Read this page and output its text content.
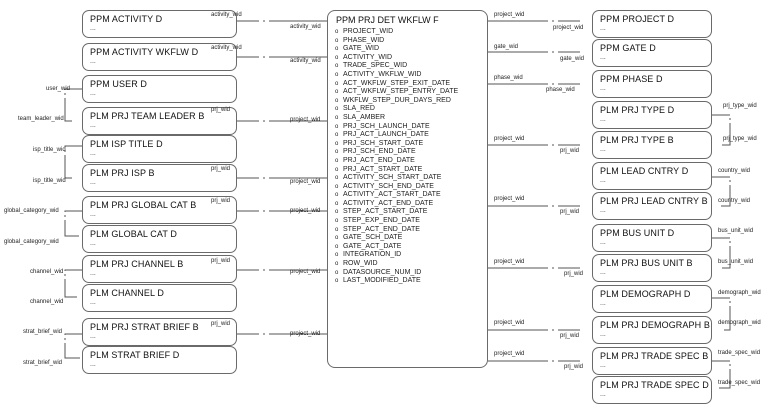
PPM PRJ DET WKFLW F
o PROJECT_WID
o PHASE_WID
o GATE_WID
o ACTIVITY_WID
o TRADE_SPEC_WID
o ACTIVITY_WKFLW_WID
o ACT_WKFLW_STEP_EXIT_DATE
o ACT_WKFLW_STEP_ENTRY_DATE
o WKFLW_STEP_DUR_DAYS_RED
o SLA_RED
o SLA_AMBER
o PRJ_SCH_LAUNCH_DATE
o PRJ_ACT_LAUNCH_DATE
o PRJ_SCH_START_DATE
o PRJ_SCH_END_DATE
o PRJ_ACT_END_DATE
o PRJ_ACT_START_DATE
o ACTIVITY_SCH_START_DATE
o ACTIVITY_SCH_END_DATE
o ACTIVITY_ACT_START_DATE
o ACTIVITY_ACT_END_DATE
o STEP_ACT_START_DATE
o STEP_EXP_END_DATE
o STEP_ACT_END_DATE
o GATE_SCH_DATE
o GATE_ACT_DATE
o INTEGRATION_ID
o ROW_WID
o DATASOURCE_NUM_ID
o LAST_MODIFIED_DATE
PPM ACTIVITY D
...
PPM ACTIVITY WKFLW D
...
PPM USER D
...
PLM PRJ TEAM LEADER B
...
PLM ISP TITLE D
...
PLM PRJ ISP B
...
PLM PRJ GLOBAL CAT B
...
PLM GLOBAL CAT D
...
PLM PRJ CHANNEL B
...
PLM CHANNEL D
...
PLM PRJ STRAT BRIEF B
...
PLM STRAT BRIEF D
...
PPM PROJECT D
...
PPM GATE D
...
PPM PHASE D
...
PLM PRJ TYPE D
...
PLM PRJ TYPE B
...
PLM LEAD CNTRY D
...
PLM PRJ LEAD CNTRY B
...
PPM BUS UNIT D
...
PLM PRJ BUS UNIT B
...
PLM DEMOGRAPH D
...
PLM PRJ DEMOGRAPH B
...
PLM PRJ TRADE SPEC B
...
PLM PRJ TRADE SPEC D
...
activity_wid
activity_wid
activity_wid
activity_wid
user_wid
team_leader_wid
prj_wid
project_wid
isp_title_wid
isp_title_wid
prj_wid
project_wid
global_category_wid
global_category_wid
prj_wid
project_wid
channel_wid
channel_wid
prj_wid
project_wid
strat_brief_wid
strat_brief_wid
prj_wid
project_wid
project_wid
project_wid
gate_wid
gate_wid
phase_wid
phase_wid
prj_type_wid
prj_type_wid
project_wid
prj_wid
country_wid
country_wid
project_wid
prj_wid
bus_unit_wid
bus_unit_wid
project_wid
prj_wid
demograph_wid
demograph_wid
project_wid
prj_wid
trade_spec_wid
trade_spec_wid
project_wid
prj_wid
